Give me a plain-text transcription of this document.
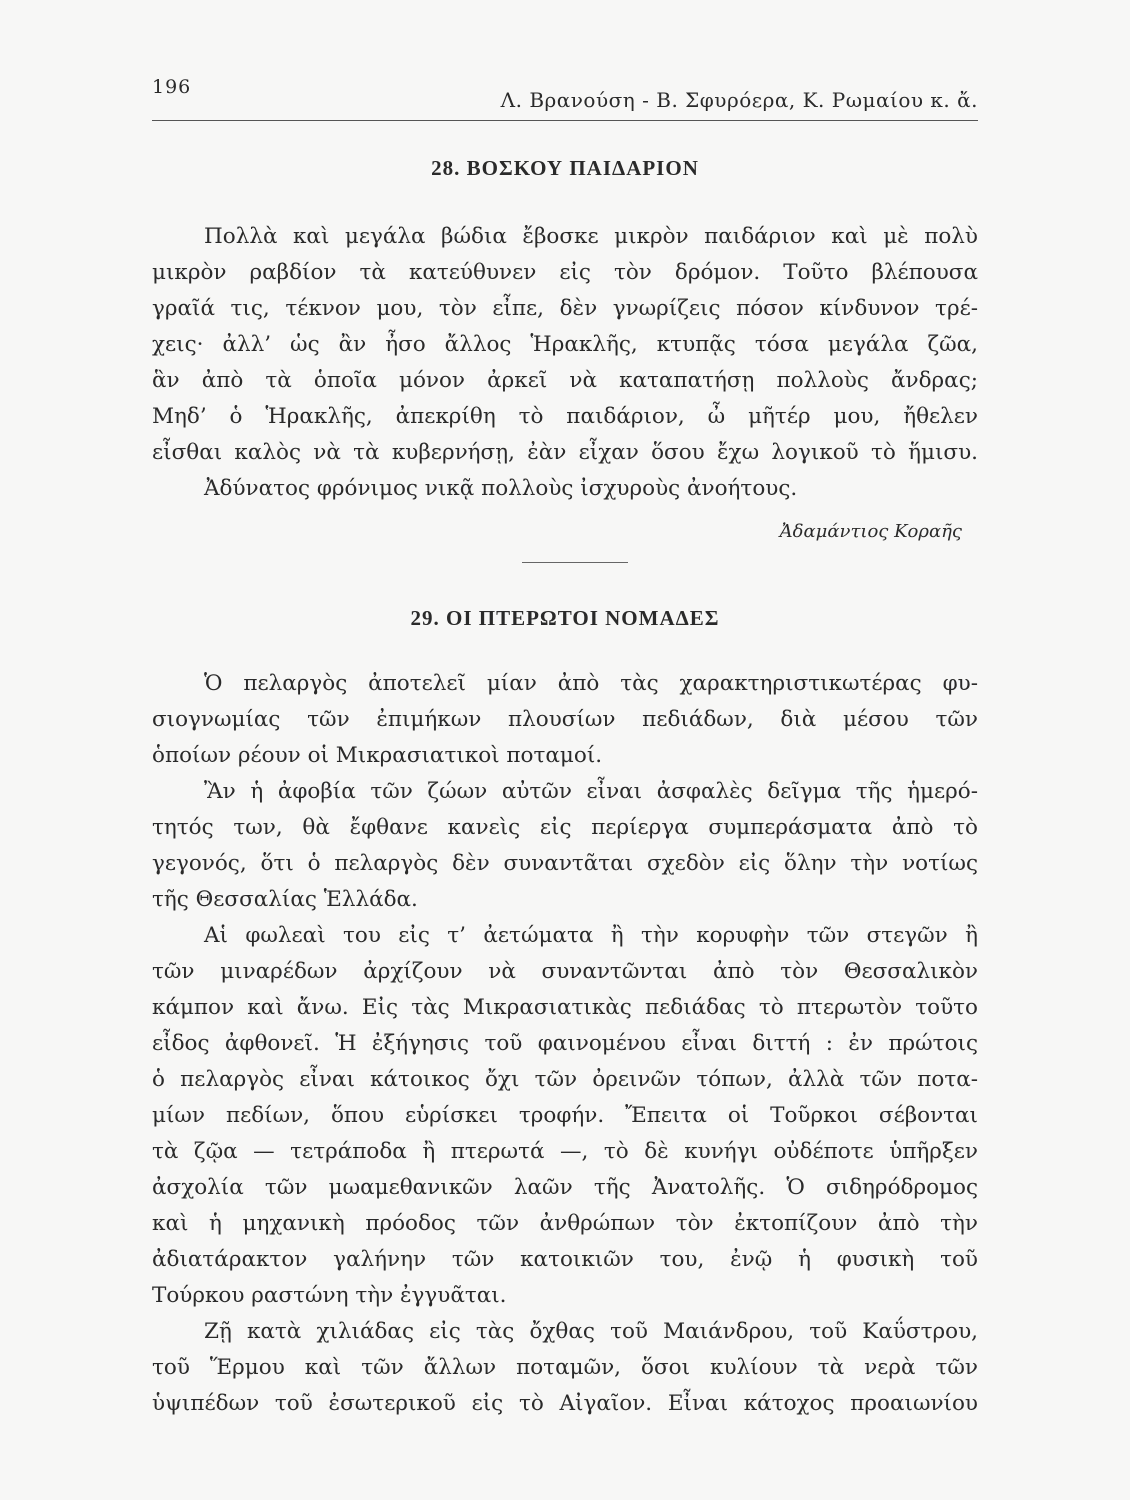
196
Λ. Βρανούση - Β. Σφυρόερα, Κ. Ρωμαίου κ. ἄ.
28. ΒΟΣΚΟΥ ΠΑΙΔΑΡΙΟΝ

Πολλὰ καὶ μεγάλα βώδια ἔβοσκε μικρὸν παιδάριον καὶ μὲ πολὺ

μικρὸν ραβδίον τὰ κατεύθυνεν εἰς τὸν δρόμον. Τοῦτο βλέπουσα

γραῖά τις, τέκνον μου, τὸν εἶπε, δὲν γνωρίζεις πόσον κίνδυνον τρέ-

χεις· ἀλλ’ ὡς ἂν ἦσο ἄλλος Ἡρακλῆς, κτυπᾷς τόσα μεγάλα ζῶα,

ἃν ἀπὸ τὰ ὁποῖα μόνον ἀρκεῖ νὰ καταπατήσῃ πολλοὺς ἄνδρας;

Μηδ’ ὁ Ἡρακλῆς, ἀπεκρίθη τὸ παιδάριον, ὦ μῆτέρ μου, ἤθελεν

εἶσθαι καλὸς νὰ τὰ κυβερνήσῃ, ἐὰν εἶχαν ὅσου ἔχω λογικοῦ τὸ ἥμισυ.

Ἀδύνατος φρόνιμος νικᾷ πολλοὺς ἰσχυροὺς ἀνοήτους.

Ἀδαμάντιος Κοραῆς
29. ΟΙ ΠΤΕΡΩΤΟΙ ΝΟΜΑΔΕΣ

Ὁ πελαργὸς ἀποτελεῖ μίαν ἀπὸ τὰς χαρακτηριστικωτέρας φυ-

σιογνωμίας τῶν ἐπιμήκων πλουσίων πεδιάδων, διὰ μέσου τῶν

ὁποίων ρέουν οἱ Μικρασιατικοὶ ποταμοί.

Ἂν ἡ ἀφοβία τῶν ζώων αὐτῶν εἶναι ἀσφαλὲς δεῖγμα τῆς ἡμερό-

τητός των, θὰ ἔφθανε κανεὶς εἰς περίεργα συμπεράσματα ἀπὸ τὸ

γεγονός, ὅτι ὁ πελαργὸς δὲν συναντᾶται σχεδὸν εἰς ὅλην τὴν νοτίως

τῆς Θεσσαλίας Ἑλλάδα.

Αἱ φωλεαὶ του εἰς τ’ ἀετώματα ἢ τὴν κορυφὴν τῶν στεγῶν ἢ

τῶν μιναρέδων ἀρχίζουν νὰ συναντῶνται ἀπὸ τὸν Θεσσαλικὸν

κάμπον καὶ ἄνω. Εἰς τὰς Μικρασιατικὰς πεδιάδας τὸ πτερωτὸν τοῦτο

εἶδος ἀφθονεῖ. Ἡ ἐξήγησις τοῦ φαινομένου εἶναι διττή : ἐν πρώτοις

ὁ πελαργὸς εἶναι κάτοικος ὄχι τῶν ὀρεινῶν τόπων, ἀλλὰ τῶν ποτα-

μίων πεδίων, ὅπου εὑρίσκει τροφήν. Ἔπειτα οἱ Τοῦρκοι σέβονται

τὰ ζῷα — τετράποδα ἢ πτερωτά —, τὸ δὲ κυνήγι οὐδέποτε ὑπῆρξεν

ἀσχολία τῶν μωαμεθανικῶν λαῶν τῆς Ἀνατολῆς. Ὁ σιδηρόδρομος

καὶ ἡ μηχανικὴ πρόοδος τῶν ἀνθρώπων τὸν ἐκτοπίζουν ἀπὸ τὴν

ἀδιατάρακτον γαλήνην τῶν κατοικιῶν του, ἐνῷ ἡ φυσικὴ τοῦ

Τούρκου ραστώνη τὴν ἐγγυᾶται.

Ζῇ κατὰ χιλιάδας εἰς τὰς ὄχθας τοῦ Μαιάνδρου, τοῦ Καΰστρου,

τοῦ Ἕρμου καὶ τῶν ἄλλων ποταμῶν, ὅσοι κυλίουν τὰ νερὰ τῶν

ὑψιπέδων τοῦ ἐσωτερικοῦ εἰς τὸ Αἰγαῖον. Εἶναι κάτοχος προαιωνίου
